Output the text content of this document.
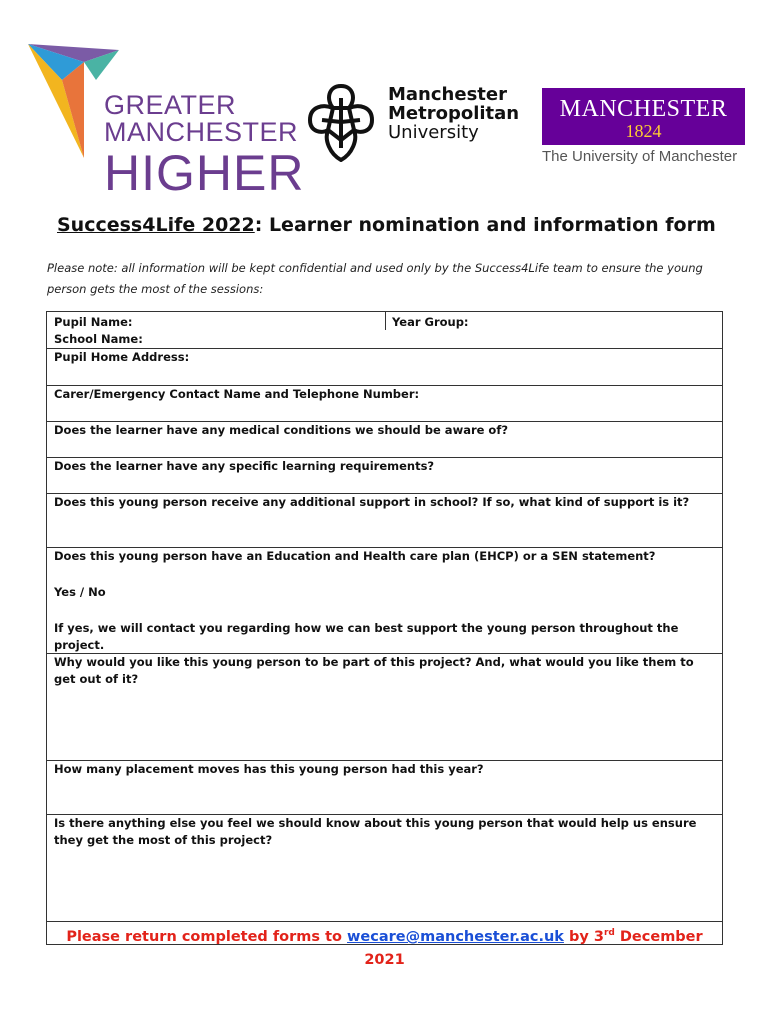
GREATER
MANCHESTER
HIGHER
Manchester
Metropolitan
University
MANCHESTER
1824
The University of Manchester
Success4Life 2022: Learner nomination and information form
Please note: all information will be kept confidential and used only by the Success4Life team to ensure the young person gets the most of the sessions:
Pupil Name:	Year Group:
School Name:
Pupil Home Address:
Carer/Emergency Contact Name and Telephone Number:
Does the learner have any medical conditions we should be aware of?
Does the learner have any specific learning requirements?
Does this young person receive any additional support in school? If so, what kind of support is it?

Does this young person have an Education and Health care plan (EHCP) or a SEN statement?

Yes / No

If yes, we will contact you regarding how we can best support the young person throughout the project.

Why would you like this young person to be part of this project? And, what would you like them to get out of it?
How many placement moves has this young person had this year?
Is there anything else you feel we should know about this young person that would help us ensure they get the most of this project?
Please return completed forms to wecare@manchester.ac.uk by 3rd December 2021
